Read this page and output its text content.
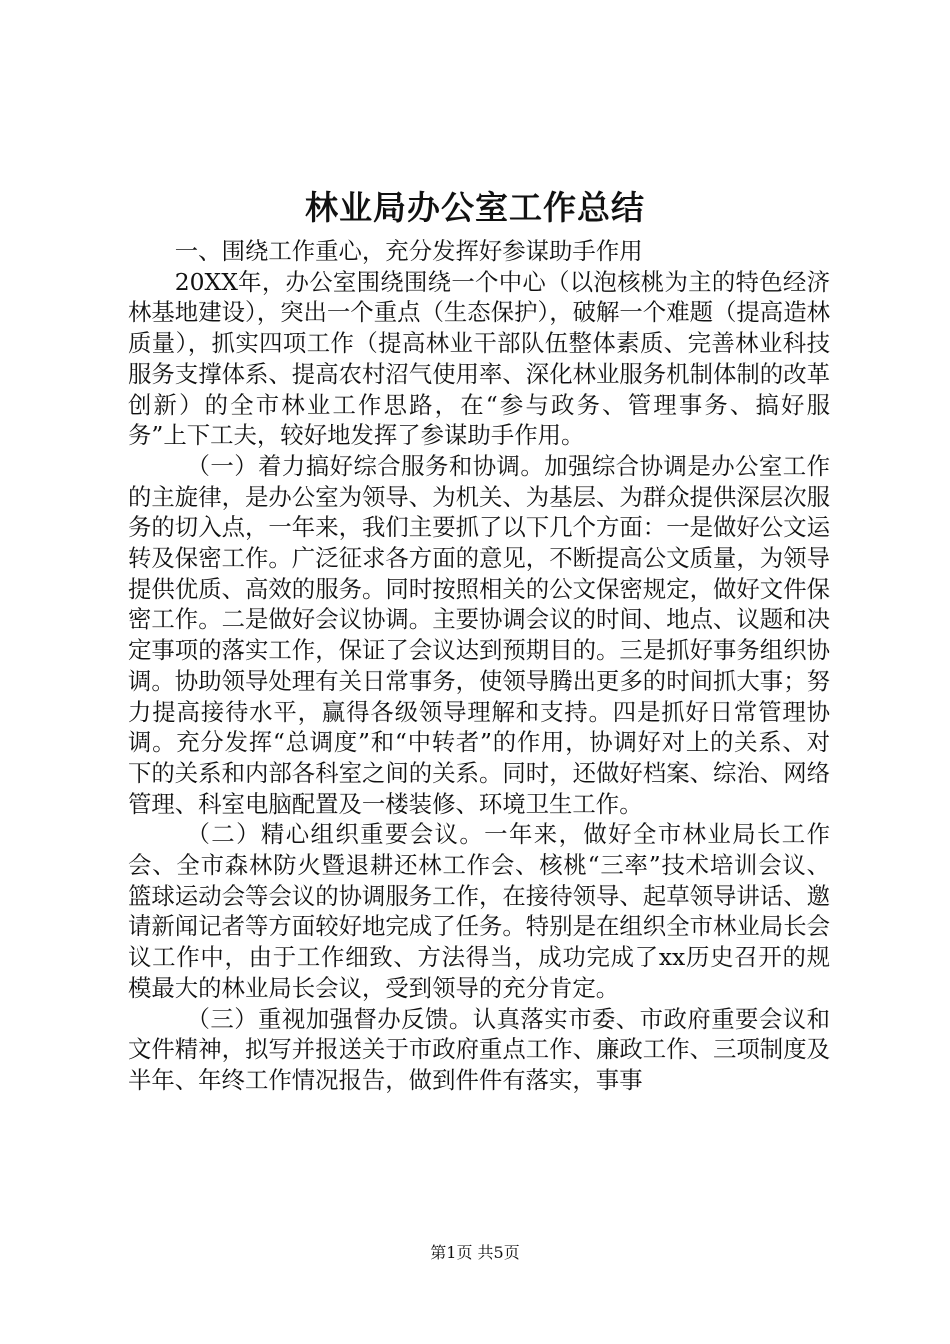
林业局办公室工作总结

一、围绕工作重心，充分发挥好参谋助手作用

20XX年，办公室围绕围绕一个中心（以泡核桃为主的特色经济林基地建设），突出一个重点（生态保护），破解一个难题（提高造林质量），抓实四项工作（提高林业干部队伍整体素质、完善林业科技服务支撑体系、提高农村沼气使用率、深化林业服务机制体制的改革创新）的全市林业工作思路，在“参与政务、管理事务、搞好服务”上下工夫，较好地发挥了参谋助手作用。

（一）着力搞好综合服务和协调。加强综合协调是办公室工作的主旋律，是办公室为领导、为机关、为基层、为群众提供深层次服务的切入点，一年来，我们主要抓了以下几个方面：一是做好公文运转及保密工作。广泛征求各方面的意见，不断提高公文质量，为领导提供优质、高效的服务。同时按照相关的公文保密规定，做好文件保密工作。二是做好会议协调。主要协调会议的时间、地点、议题和决定事项的落实工作，保证了会议达到预期目的。三是抓好事务组织协调。协助领导处理有关日常事务，使领导腾出更多的时间抓大事；努力提高接待水平，赢得各级领导理解和支持。四是抓好日常管理协调。充分发挥“总调度”和“中转者”的作用，协调好对上的关系、对下的关系和内部各科室之间的关系。同时，还做好档案、综治、网络管理、科室电脑配置及一楼装修、环境卫生工作。

（二）精心组织重要会议。一年来，做好全市林业局长工作会、全市森林防火暨退耕还林工作会、核桃“三率”技术培训会议、篮球运动会等会议的协调服务工作，在接待领导、起草领导讲话、邀请新闻记者等方面较好地完成了任务。特别是在组织全市林业局长会议工作中，由于工作细致、方法得当，成功完成了xx历史召开的规模最大的林业局长会议，受到领导的充分肯定。

（三）重视加强督办反馈。认真落实市委、市政府重要会议和文件精神，拟写并报送关于市政府重点工作、廉政工作、三项制度及半年、年终工作情况报告，做到件件有落实，事事

第1页 共5页
